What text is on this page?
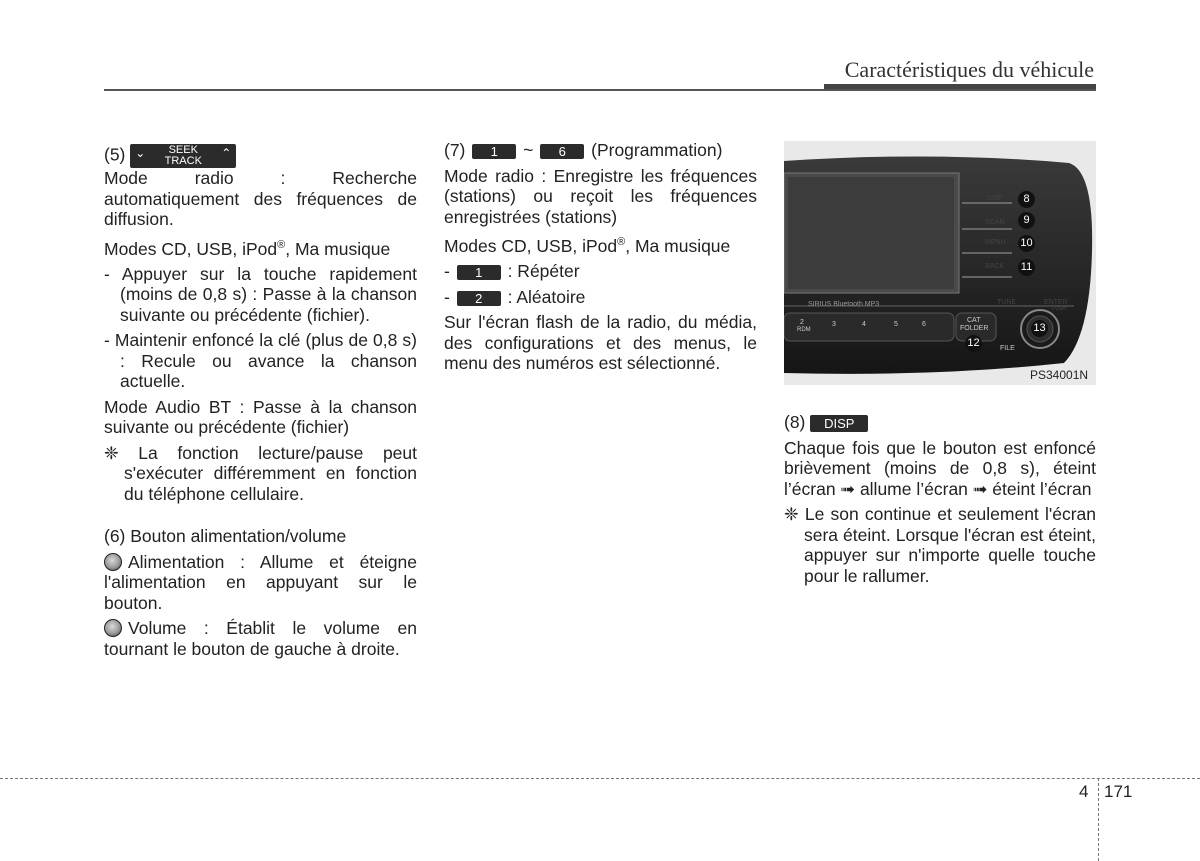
Caractéristiques du véhicule

(5) ⌄ SEEK
TRACK
⌃

Mode radio : Recherche automatiquement des fréquences de diffusion.

Modes CD, USB, iPod®, Ma musique

- Appuyer sur la touche rapidement (moins de 0,8 s) : Passe à la chanson suivante ou précédente (fichier).

- Maintenir enfoncé la clé (plus de 0,8 s) : Recule ou avance la chanson actuelle.

Mode Audio BT : Passe à la chanson suivante ou précédente (fichier)

❈ La fonction lecture/pause peut s'exécuter différemment en fonction du téléphone cellulaire.

(6) Bouton alimentation/volume

Alimentation : Allume et éteigne l'alimentation en appuyant sur le bouton.

Volume : Établit le volume en tournant le bouton de gauche à droite.

(7) 1 ~ 6 (Programmation)

Mode radio : Enregistre les fréquences (stations) ou reçoit les fréquences enregistrées (stations)

Modes CD, USB, iPod®, Ma musique

- 1 : Répéter

- 2 : Aléatoire

Sur l'écran flash de la radio, du média, des configurations et des menus, le menu des numéros est sélectionné.

DISP
SCAN
MENU
BACK
8
9
10
11
12
13
SIRIUS Bluetooth MP3	TUNE	ENTER
PUSH
2
RDM
3	4	5	6
CAT
FOLDER
FILE
PS34001N

(8) DISP

Chaque fois que le bouton est enfoncé brièvement (moins de 0,8 s), éteint l’écran ➟ allume l’écran ➟ éteint l’écran

❈ Le son continue et seulement l'écran sera éteint. Lorsque l'écran est éteint, appuyer sur n'importe quelle touche pour le rallumer.

4 171
